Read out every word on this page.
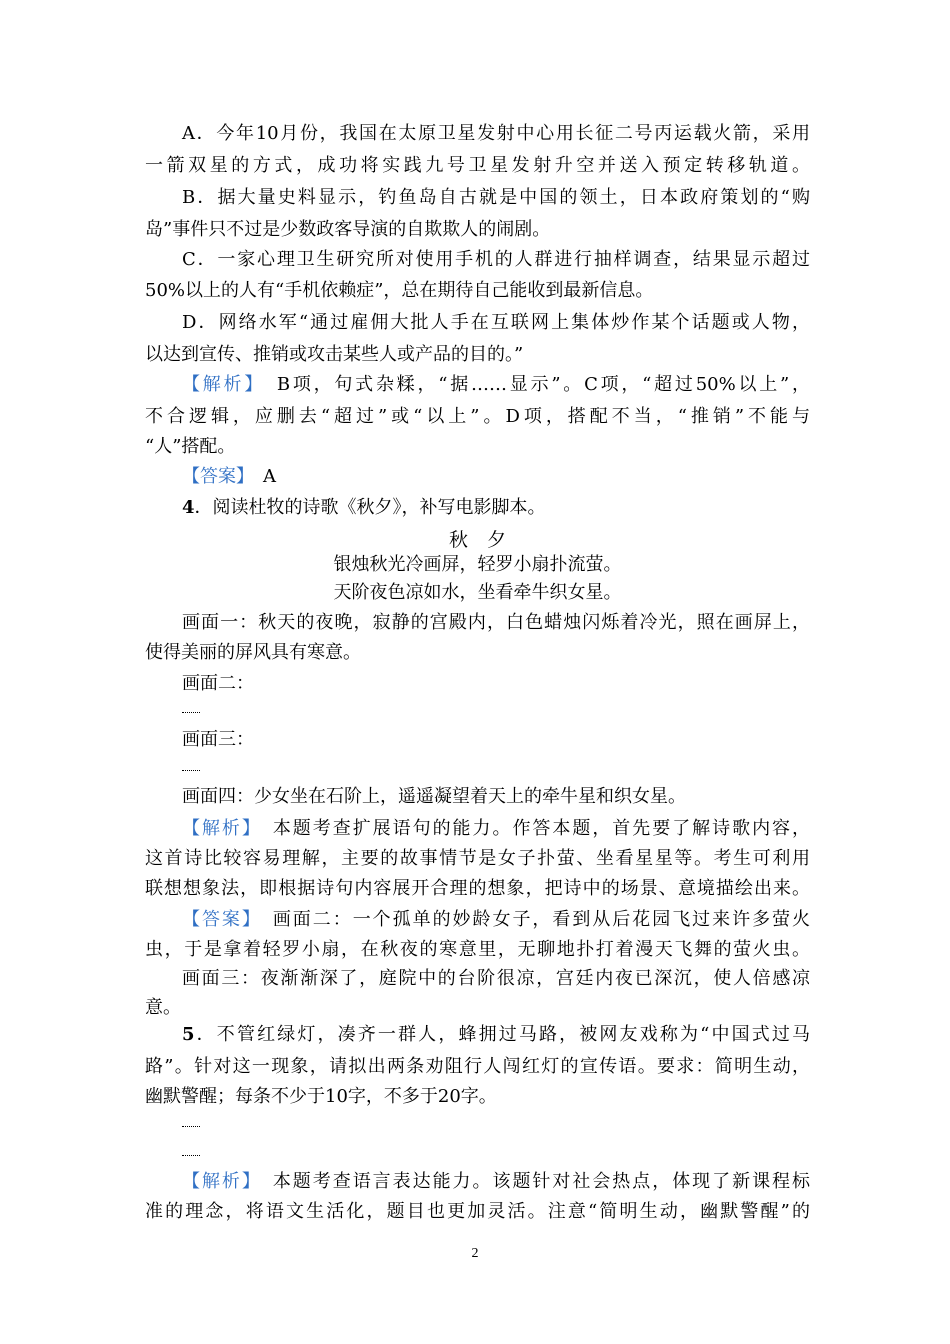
A．今年10月份，我国在太原卫星发射中心用长征二号丙运载火箭，采用
一箭双星的方式，成功将实践九号卫星发射升空并送入预定转移轨道。
B．据大量史料显示，钓鱼岛自古就是中国的领土，日本政府策划的“购
岛”事件只不过是少数政客导演的自欺欺人的闹剧。
C．一家心理卫生研究所对使用手机的人群进行抽样调查，结果显示超过
50%以上的人有“手机依赖症”，总在期待自己能收到最新信息。
D．网络水军“通过雇佣大批人手在互联网上集体炒作某个话题或人物，
以达到宣传、推销或攻击某些人或产品的目的。”
【解析】　B项，句式杂糅，“据……显示”。C项，“超过50%以上”，
不合逻辑，应删去“超过”或“以上”。D项，搭配不当，“推销”不能与
“人”搭配。
【答案】　A
4．阅读杜牧的诗歌《秋夕》，补写电影脚本。
秋　夕
银烛秋光冷画屏，轻罗小扇扑流萤。
天阶夜色凉如水，坐看牵牛织女星。
画面一：秋天的夜晚，寂静的宫殿内，白色蜡烛闪烁着冷光，照在画屏上，
使得美丽的屏风具有寒意。
画面二：
画面三：
画面四：少女坐在石阶上，遥遥凝望着天上的牵牛星和织女星。
【解析】　本题考查扩展语句的能力。作答本题，首先要了解诗歌内容，
这首诗比较容易理解，主要的故事情节是女子扑萤、坐看星星等。考生可利用
联想想象法，即根据诗句内容展开合理的想象，把诗中的场景、意境描绘出来。
【答案】　画面二：一个孤单的妙龄女子，看到从后花园飞过来许多萤火
虫，于是拿着轻罗小扇，在秋夜的寒意里，无聊地扑打着漫天飞舞的萤火虫。
画面三：夜渐渐深了，庭院中的台阶很凉，宫廷内夜已深沉，使人倍感凉
意。
5．不管红绿灯，凑齐一群人，蜂拥过马路，被网友戏称为“中国式过马
路”。针对这一现象，请拟出两条劝阻行人闯红灯的宣传语。要求：简明生动，
幽默警醒；每条不少于10字，不多于20字。
【解析】　本题考查语言表达能力。该题针对社会热点，体现了新课程标
准的理念，将语文生活化，题目也更加灵活。注意“简明生动，幽默警醒”的
2
